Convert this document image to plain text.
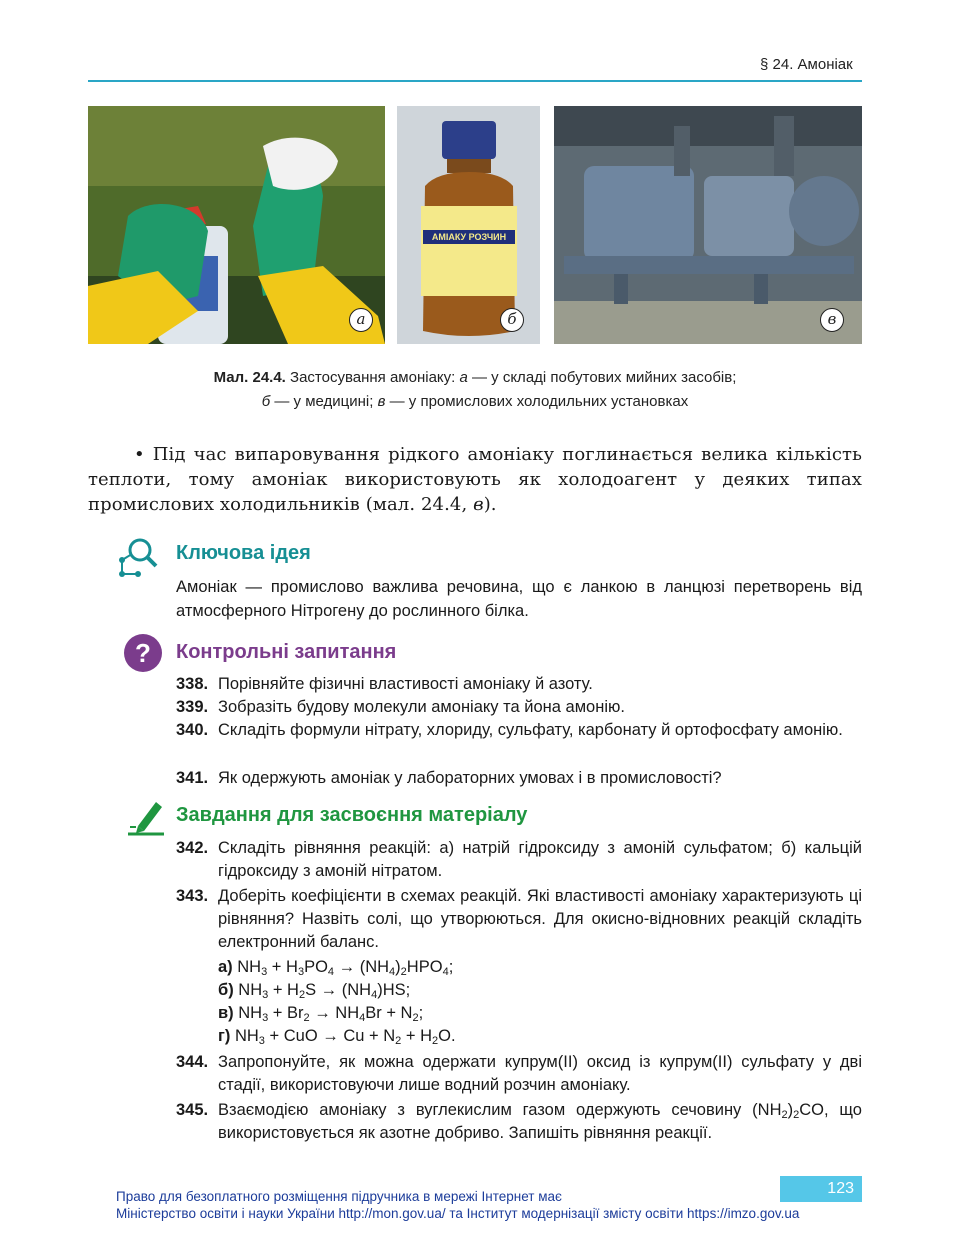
§ 24. Амоніак
а
АМІАКУ РОЗЧИН
б	в
Мал. 24.4. Застосування амоніаку: а — у складі побутових мийних засобів;
б — у медицині; в — у промислових холодильних установках
• Під час випаровування рідкого амоніаку поглинається велика кількість теплоти, тому амоніак використовують як холодоагент у деяких типах промислових холодильників (мал. 24.4, в).
Ключова ідея
Амоніак — промислово важлива речовина, що є ланкою в ланцюзі перетворень від атмосферного Нітрогену до рослинного білка.
?	Контрольні запитання
338. Порівняйте фізичні властивості амоніаку й азоту.
339. Зобразіть будову молекули амоніаку та йона амонію.
340. Складіть формули нітрату, хлориду, сульфату, карбонату й ортофосфату амонію.
341. Як одержують амоніак у лабораторних умовах і в промисловості?
Завдання для засвоєння матеріалу
342. Складіть рівняння реакцій: а) натрій гідроксиду з амоній сульфатом; б) кальцій гідроксиду з амоній нітратом.
343. Доберіть коефіцієнти в схемах реакцій. Які властивості амоніаку характеризують ці рівняння? Назвіть солі, що утворюються. Для окисно-відновних реакцій складіть електронний баланс.
а) $NH_3 + H_3PO_4 \to (NH_4)_2HPO_4$;
б) $NH_3 + H_2S \to (NH_4)HS$;
в) $NH_3 + Br_2 \to NH_4Br + N_2$;
г) $NH_3$ + CuO → $Cu + N_2 + H_2O$.
344. Запропонуйте, як можна одержати купрум(ІІ) оксид із купрум(ІІ) сульфату у дві стадії, використовуючи лише водний розчин амоніаку.
345. Взаємодією амоніаку з вуглекислим газом одержують сечовину $(NH_2)_2CO$, що використовується як азотне добриво. Запишіть рівняння реакції.
123
Право для безоплатного розміщення підручника в мережі Інтернет має
Міністерство освіти і науки України http://mon.gov.ua/ та Інститут модернізації змісту освіти https://imzo.gov.ua
